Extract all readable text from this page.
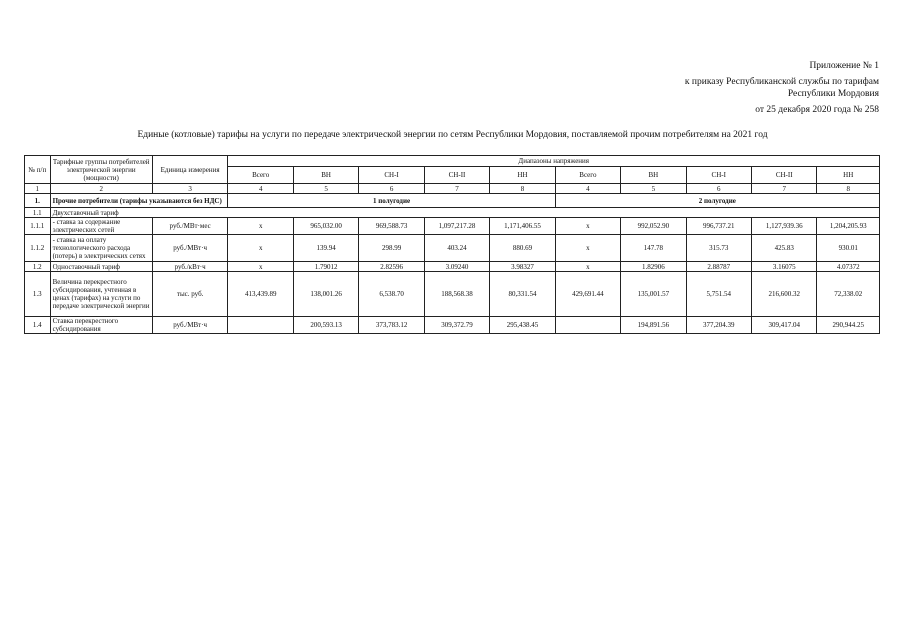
Приложение № 1
к приказу Республиканской службы по тарифам
Республики Мордовия
от 25 декабря 2020 года № 258
Единые (котловые) тарифы на услуги по передаче электрической энергии по сетям Республики Мордовия, поставляемой прочим потребителям на 2021 год
№ п/п	Тарифные группы потребителей электрической энергии (мощности)	Единица измерения	Диапазоны напряжения									
			Всего	ВН	СН-I	СН-II	НН	Всего	ВН	СН-I	СН-II	НН
1	2	3	4	5	6	7	8	4	5	6	7	8
1.	Прочие потребители (тарифы указываются без НДС)		1 полугодие					2 полугодие				
1.1	Двухставочный тариф											
1.1.1	- ставка за содержание электрических сетей	руб./МВт·мес	х	965,032.00	969,588.73	1,097,217.28	1,171,406.55	х	992,052.90	996,737.21	1,127,939.36	1,204,205.93
1.1.2	- ставка на оплату технологического расхода (потерь) в электрических сетях	руб./МВт·ч	х	139.94	298.99	403.24	880.69	х	147.78	315.73	425.83	930.01
1.2	Одноставочный тариф	руб./кВт·ч	х	1.79012	2.82596	3.09240	3.98327	х	1.82906	2.88787	3.16075	4.07372
1.3	Величина перекрестного субсидирования, учтенная в ценах (тарифах) на услуги по передаче электрической энергии	тыс. руб.	413,439.89	138,001.26	6,538.70	188,568.38	80,331.54	429,691.44	135,001.57	5,751.54	216,600.32	72,338.02
1.4	Ставка перекрестного субсидирования	руб./МВт·ч		200,593.13	373,783.12	309,372.79	295,438.45		194,891.56	377,204.39	309,417.04	290,944.25
